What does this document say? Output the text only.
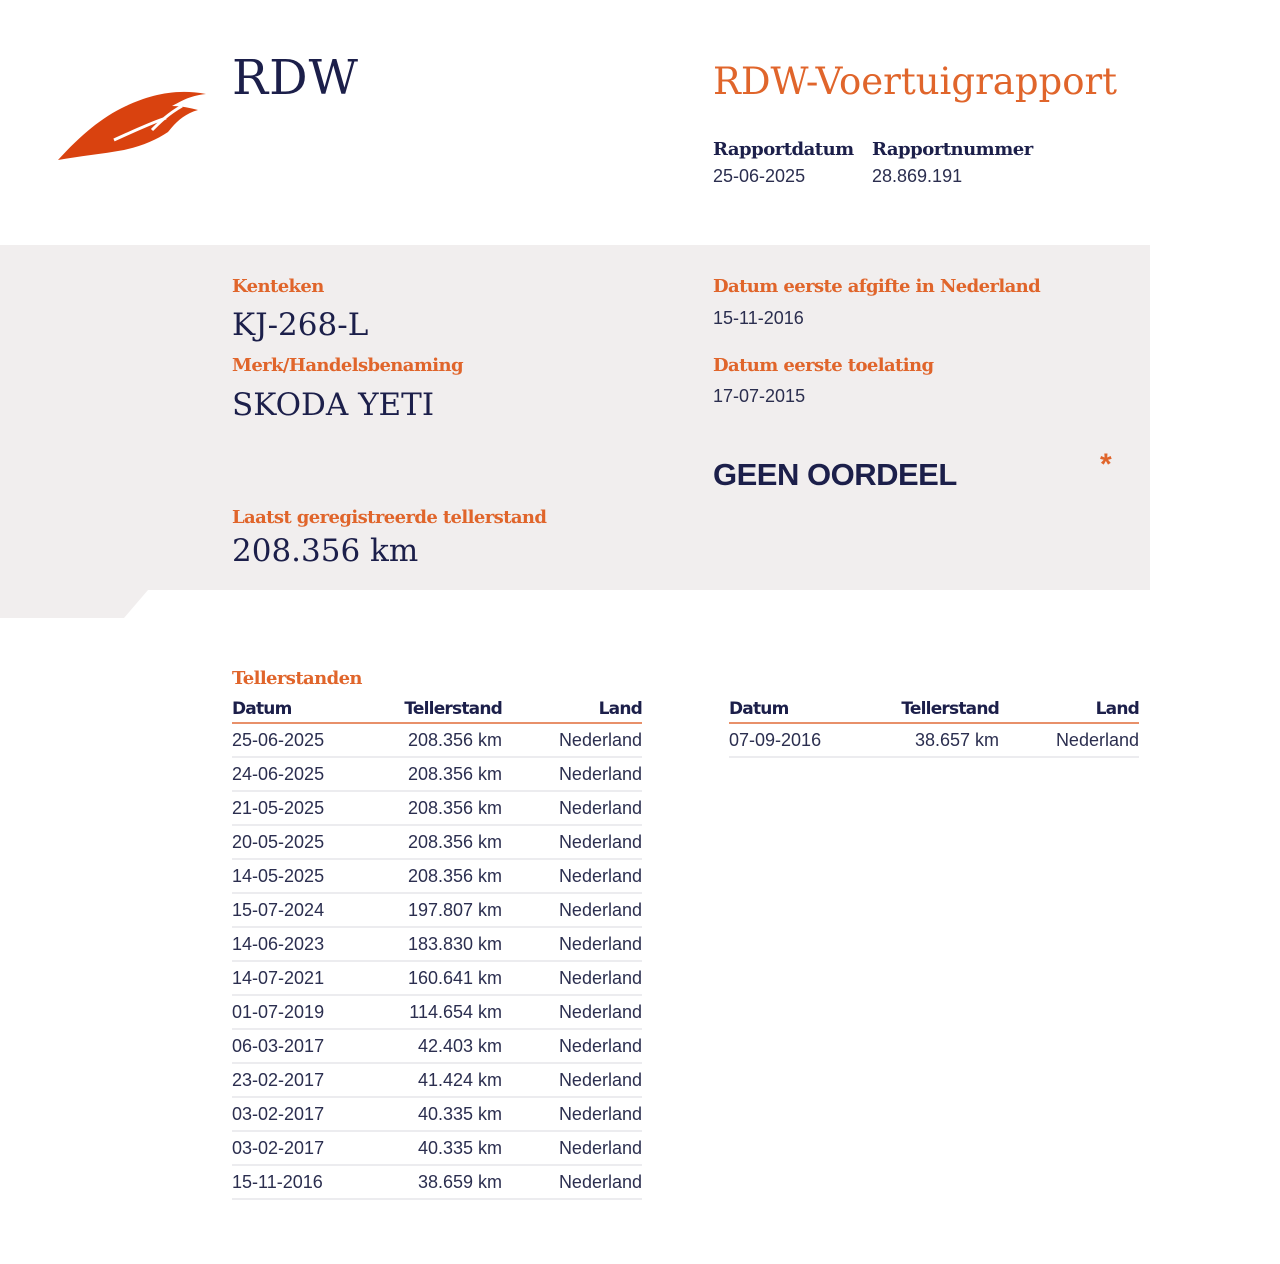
RDW	RDW-Voertuigrapport
Rapportdatum
25-06-2025
Rapportnummer
28.869.191
Kenteken
KJ-268-L
Merk/Handelsbenaming
SKODA YETI
Laatst geregistreerde tellerstand
208.356 km
Datum eerste afgifte in Nederland
15-11-2016
Datum eerste toelating
17-07-2015
GEEN OORDEEL	*
Tellerstanden
Datum	Tellerstand	Land
25-06-2025	208.356 km	Nederland
24-06-2025	208.356 km	Nederland
21-05-2025	208.356 km	Nederland
20-05-2025	208.356 km	Nederland
14-05-2025	208.356 km	Nederland
15-07-2024	197.807 km	Nederland
14-06-2023	183.830 km	Nederland
14-07-2021	160.641 km	Nederland
01-07-2019	114.654 km	Nederland
06-03-2017	42.403 km	Nederland
23-02-2017	41.424 km	Nederland
03-02-2017	40.335 km	Nederland
03-02-2017	40.335 km	Nederland
15-11-2016	38.659 km	Nederland
Datum	Tellerstand	Land
07-09-2016	38.657 km	Nederland
